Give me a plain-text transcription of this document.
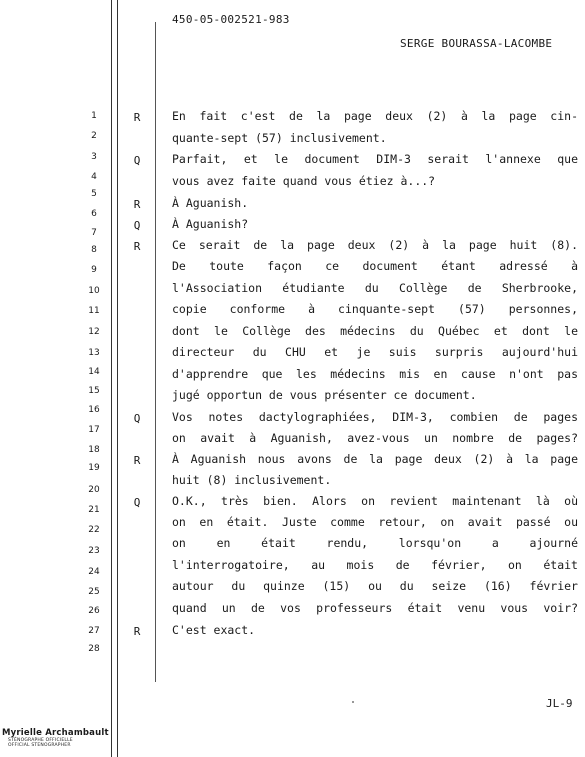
450-05-002521-983
SERGE BOURASSA-LACOMBE
1
2
3
4
5
6
7
8
9
10
11
12
13
14
15
16
17
18
19
20
21
22
23
24
25
26
27
28
R
Q
R
Q
R
Q
R
Q
R
En fait c'est de la page deux (2) à la page cin-
quante-sept (57) inclusivement.
Parfait, et le document DIM-3 serait l'annexe que
vous avez faite quand vous étiez à...?
À Aguanish.
À Aguanish?
Ce serait de la page deux (2) à la page huit (8).
De toute façon ce document étant adressé à
l'Association étudiante du Collège de Sherbrooke,
copie conforme à cinquante-sept (57) personnes,
dont le Collège des médecins du Québec et dont le
directeur du CHU et je suis surpris aujourd'hui
d'apprendre que les médecins mis en cause n'ont pas
jugé opportun de vous présenter ce document.
Vos notes dactylographiées, DIM-3, combien de pages
on avait à Aguanish, avez-vous un nombre de pages?
À Aguanish nous avons de la page deux (2) à la page
huit (8) inclusivement.
O.K., très bien. Alors on revient maintenant là où
on en était. Juste comme retour, on avait passé ou
on en était rendu, lorsqu'on a ajourné
l'interrogatoire, au mois de février, on était
autour du quinze (15) ou du seize (16) février
quand un de vos professeurs était venu vous voir?
C'est exact.
JL-9
Myrielle Archambault
STÉNOGRAPHE OFFICIELLE
OFFICIAL STENOGRAPHER
